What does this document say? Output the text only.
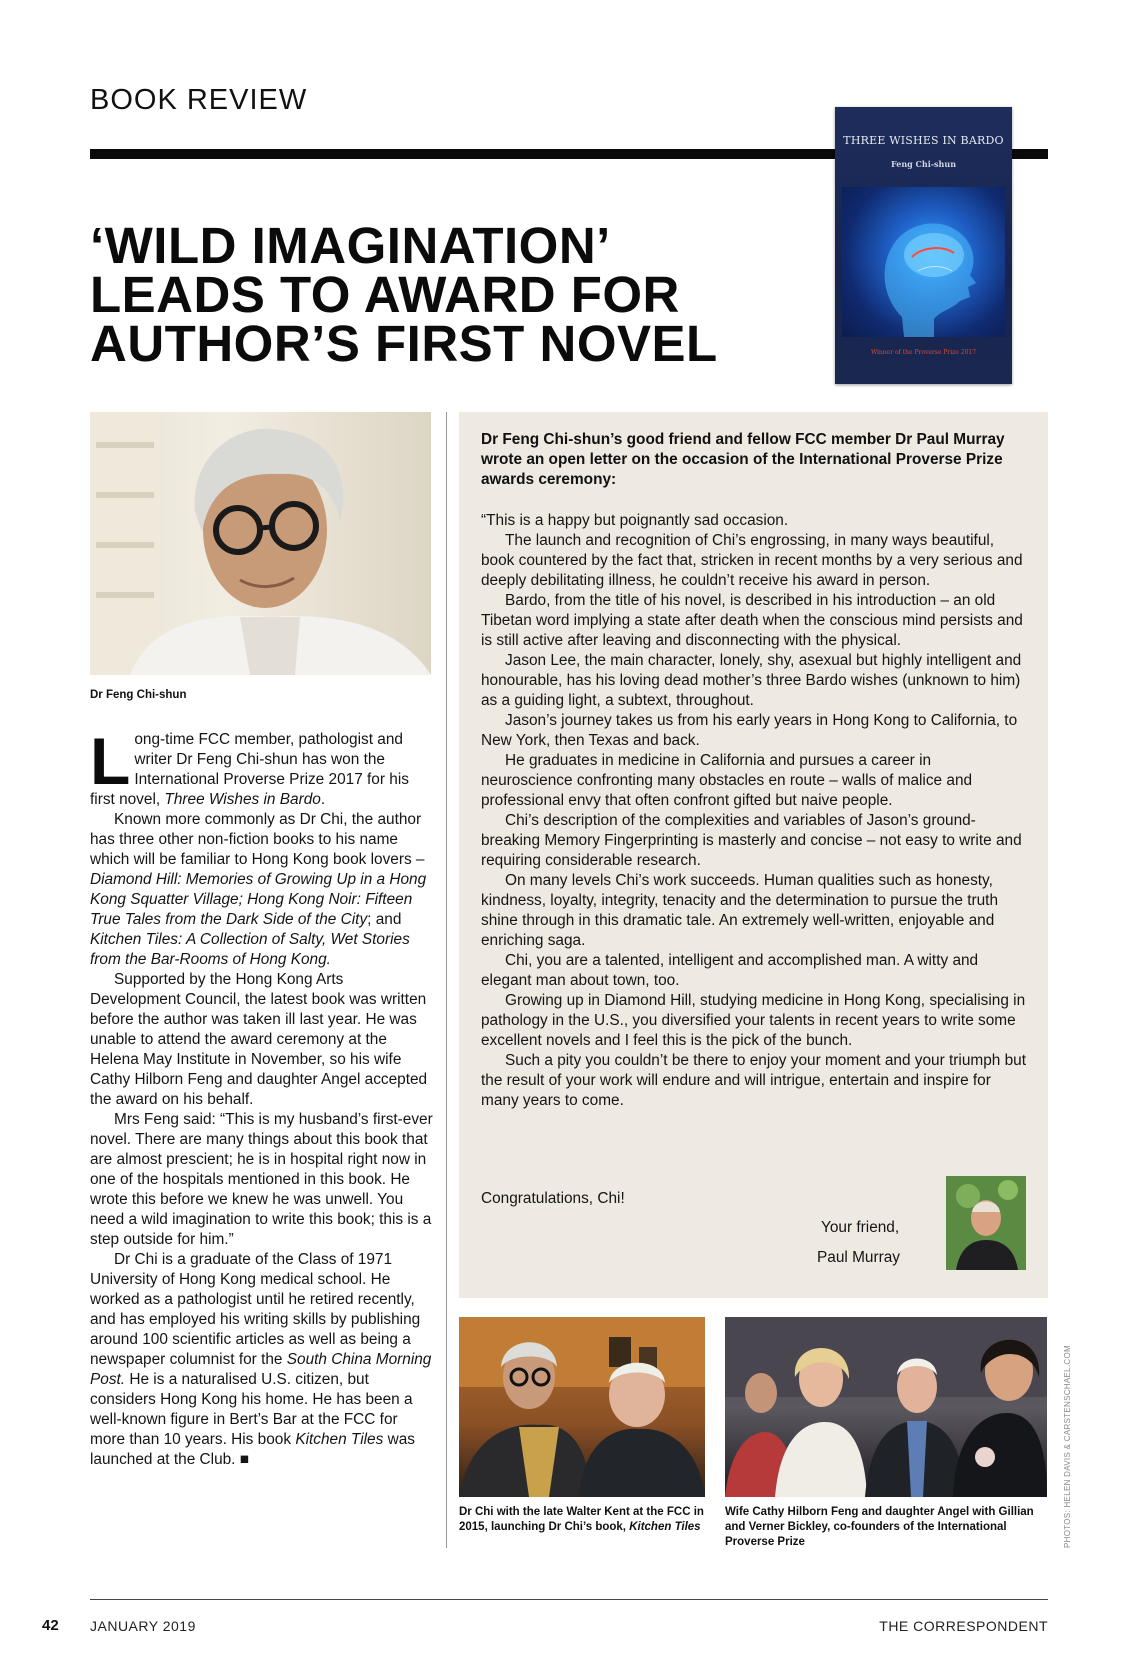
BOOK REVIEW
‘WILD IMAGINATION’
LEADS TO AWARD FOR
AUTHOR’S FIRST NOVEL
THREE WISHES IN BARDO
Feng Chi-shun
Winner of the Proverse Prize 2017
Dr Feng Chi-shun
L ong-time FCC member, pathologist and writer Dr Feng Chi-shun has won the International Proverse Prize 2017 for his first novel, Three Wishes in Bardo.

Known more commonly as Dr Chi, the author has three other non-fiction books to his name which will be familiar to Hong Kong book lovers – Diamond Hill: Memories of Growing Up in a Hong Kong Squatter Village; Hong Kong Noir: Fifteen True Tales from the Dark Side of the City; and Kitchen Tiles: A Collection of Salty, Wet Stories from the Bar-Rooms of Hong Kong.

Supported by the Hong Kong Arts Development Council, the latest book was written before the author was taken ill last year. He was unable to attend the award ceremony at the Helena May Institute in November, so his wife Cathy Hilborn Feng and daughter Angel accepted the award on his behalf.

Mrs Feng said: “This is my husband’s first-ever novel. There are many things about this book that are almost prescient; he is in hospital right now in one of the hospitals mentioned in this book. He wrote this before we knew he was unwell. You need a wild imagination to write this book; this is a step outside for him.”

Dr Chi is a graduate of the Class of 1971 University of Hong Kong medical school. He worked as a pathologist until he retired recently, and has employed his writing skills by publishing around 100 scientific articles as well as being a newspaper columnist for the South China Morning Post. He is a naturalised U.S. citizen, but considers Hong Kong his home. He has been a well-known figure in Bert’s Bar at the FCC for more than 10 years. His book Kitchen Tiles was launched at the Club. ■

Dr Feng Chi-shun’s good friend and fellow FCC member Dr Paul Murray wrote an open letter on the occasion of the International Proverse Prize awards ceremony:

“This is a happy but poignantly sad occasion.

The launch and recognition of Chi’s engrossing, in many ways beautiful, book countered by the fact that, stricken in recent months by a very serious and deeply debilitating illness, he couldn’t receive his award in person.

Bardo, from the title of his novel, is described in his introduction – an old Tibetan word implying a state after death when the conscious mind persists and is still active after leaving and disconnecting with the physical.

Jason Lee, the main character, lonely, shy, asexual but highly intelligent and honourable, has his loving dead mother’s three Bardo wishes (unknown to him) as a guiding light, a subtext, throughout.

Jason’s journey takes us from his early years in Hong Kong to California, to New York, then Texas and back.

He graduates in medicine in California and pursues a career in neuroscience confronting many obstacles en route – walls of malice and professional envy that often confront gifted but naive people.

Chi’s description of the complexities and variables of Jason’s ground-breaking Memory Fingerprinting is masterly and concise – not easy to write and requiring considerable research.

On many levels Chi’s work succeeds. Human qualities such as honesty, kindness, loyalty, integrity, tenacity and the determination to pursue the truth shine through in this dramatic tale. An extremely well-written, enjoyable and enriching saga.

Chi, you are a talented, intelligent and accomplished man. A witty and elegant man about town, too.

Growing up in Diamond Hill, studying medicine in Hong Kong, specialising in pathology in the U.S., you diversified your talents in recent years to write some excellent novels and I feel this is the pick of the bunch.

Such a pity you couldn’t be there to enjoy your moment and your triumph but the result of your work will endure and will intrigue, entertain and inspire for many years to come.

Congratulations, Chi!
Your friend,
Paul Murray
Dr Chi with the late Walter Kent at the FCC in 2015, launching Dr Chi’s book, Kitchen Tiles
Wife Cathy Hilborn Feng and daughter Angel with Gillian and Verner Bickley, co-founders of the International Proverse Prize	PHOTOS: HELEN DAVIS & CARSTENSCHAEL.COM
42 JANUARY 2019	THE CORRESPONDENT
